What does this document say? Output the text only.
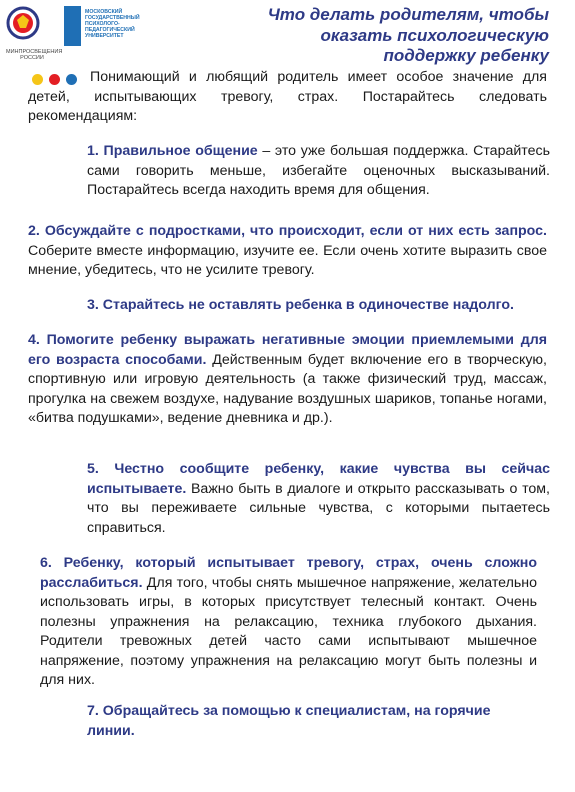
МИНПРОСВЕЩЕНИЯ РОССИИ
МОСКОВСКИЙ ГОСУДАРСТВЕННЫЙ ПСИХОЛОГО-ПЕДАГОГИЧЕСКИЙ УНИВЕРСИТЕТ
Что делать родителям, чтобы оказать психологическую поддержку ребенку

Понимающий и любящий родитель имеет особое значение для детей, испытывающих тревогу, страх. Постарайтесь следовать рекомендациям:

1. Правильное общение – это уже большая поддержка. Старайтесь сами говорить меньше, избегайте оценочных высказываний. Постарайтесь всегда находить время для общения.

2. Обсуждайте с подростками, что происходит, если от них есть запрос. Соберите вместе информацию, изучите ее. Если очень хотите выразить свое мнение, убедитесь, что не усилите тревогу.

3. Старайтесь не оставлять ребенка в одиночестве надолго.

4. Помогите ребенку выражать негативные эмоции приемлемыми для его возраста способами. Действенным будет включение его в творческую, спортивную или игровую деятельность (а также физический труд, массаж, прогулка на свежем воздухе, надувание воздушных шариков, топанье ногами, «битва подушками», ведение дневника и др.).

5. Честно сообщите ребенку, какие чувства вы сейчас испытываете. Важно быть в диалоге и открыто рассказывать о том, что вы переживаете сильные чувства, с которыми пытаетесь справиться.

6. Ребенку, который испытывает тревогу, страх, очень сложно расслабиться. Для того, чтобы снять мышечное напряжение, желательно использовать игры, в которых присутствует телесный контакт. Очень полезны упражнения на релаксацию, техника глубокого дыхания. Родители тревожных детей часто сами испытывают мышечное напряжение, поэтому упражнения на релаксацию могут быть полезны и для них.

7. Обращайтесь за помощью к специалистам, на горячие линии.
